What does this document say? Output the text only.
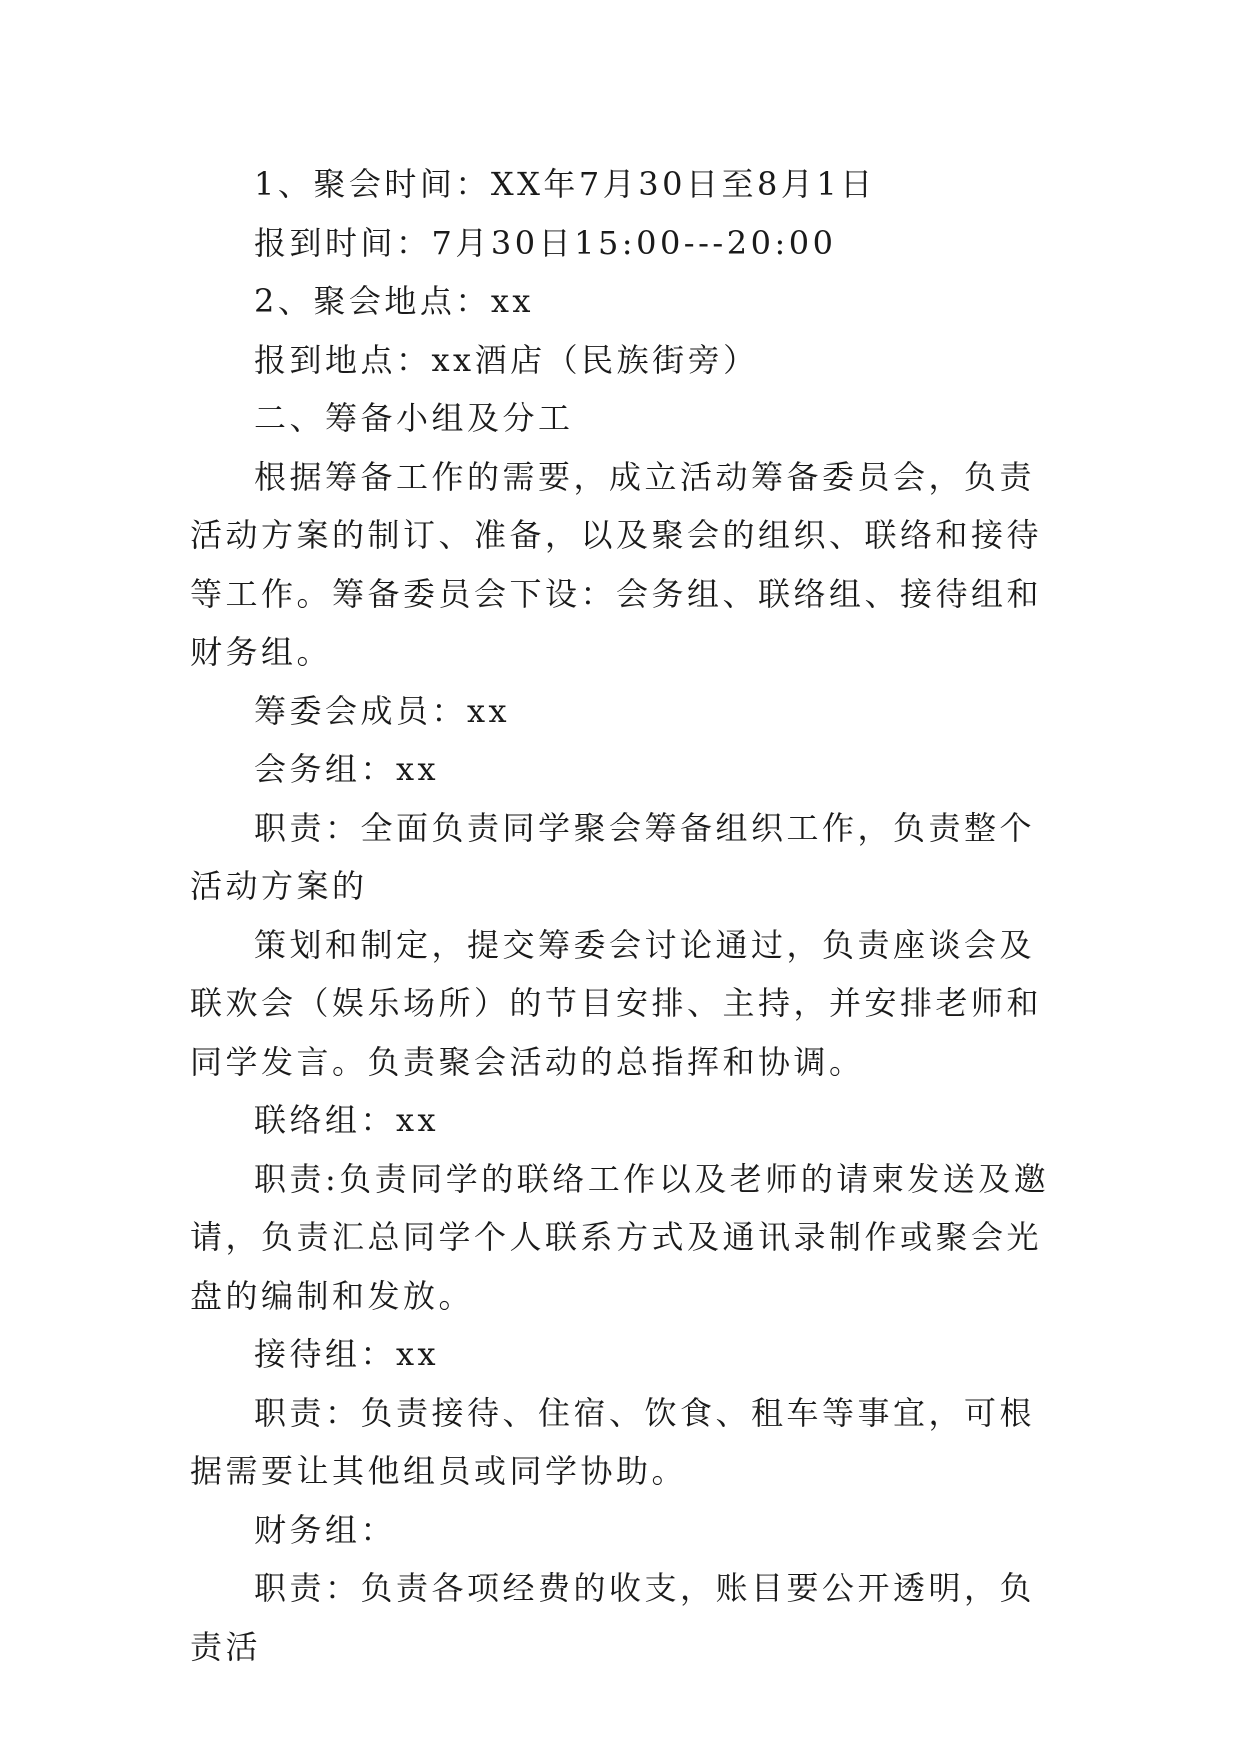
1、聚会时间：XX年7月30日至8月1日

报到时间：7月30日15:00---20:00

2、聚会地点：xx

报到地点：xx酒店（民族街旁）

二、筹备小组及分工

根据筹备工作的需要，成立活动筹备委员会，负责活动方案的制订、准备，以及聚会的组织、联络和接待等工作。筹备委员会下设：会务组、联络组、接待组和财务组。

筹委会成员：xx

会务组：xx

职责：全面负责同学聚会筹备组织工作，负责整个活动方案的

策划和制定，提交筹委会讨论通过，负责座谈会及联欢会（娱乐场所）的节目安排、主持，并安排老师和同学发言。负责聚会活动的总指挥和协调。

联络组：xx

职责:负责同学的联络工作以及老师的请柬发送及邀请，负责汇总同学个人联系方式及通讯录制作或聚会光盘的编制和发放。

接待组：xx

职责：负责接待、住宿、饮食、租车等事宜，可根据需要让其他组员或同学协助。

财务组：

职责：负责各项经费的收支，账目要公开透明，负责活
